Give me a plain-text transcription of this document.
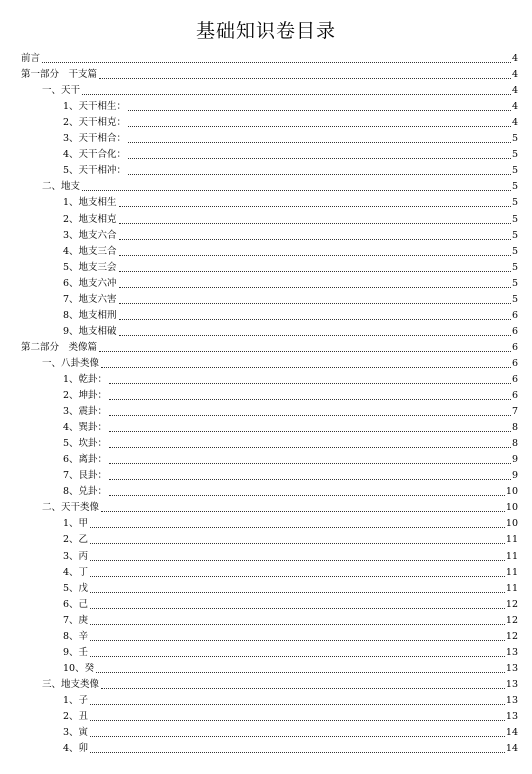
基础知识卷目录
前言	4
第一部分　干支篇	4
一、天干	4
1、天干相生：	4
2、天干相克：	4
3、天干相合：	5
4、天干合化：	5
5、天干相冲：	5
二、地支	5
1、地支相生	5
2、地支相克	5
3、地支六合	5
4、地支三合	5
5、地支三会	5
6、地支六冲	5
7、地支六害	5
8、地支相刑	6
9、地支相破	6
第二部分　类像篇	6
一、八卦类像	6
1、乾卦：	6
2、坤卦：	6
3、震卦：	7
4、巽卦：	8
5、坎卦：	8
6、离卦：	9
7、艮卦：	9
8、兑卦：	10
二、天干类像	10
1、甲	10
2、乙	11
3、丙	11
4、丁	11
5、戊	11
6、己	12
7、庚	12
8、辛	12
9、壬	13
10、癸	13
三、地支类像	13
1、子	13
2、丑	13
3、寅	14
4、卯	14
